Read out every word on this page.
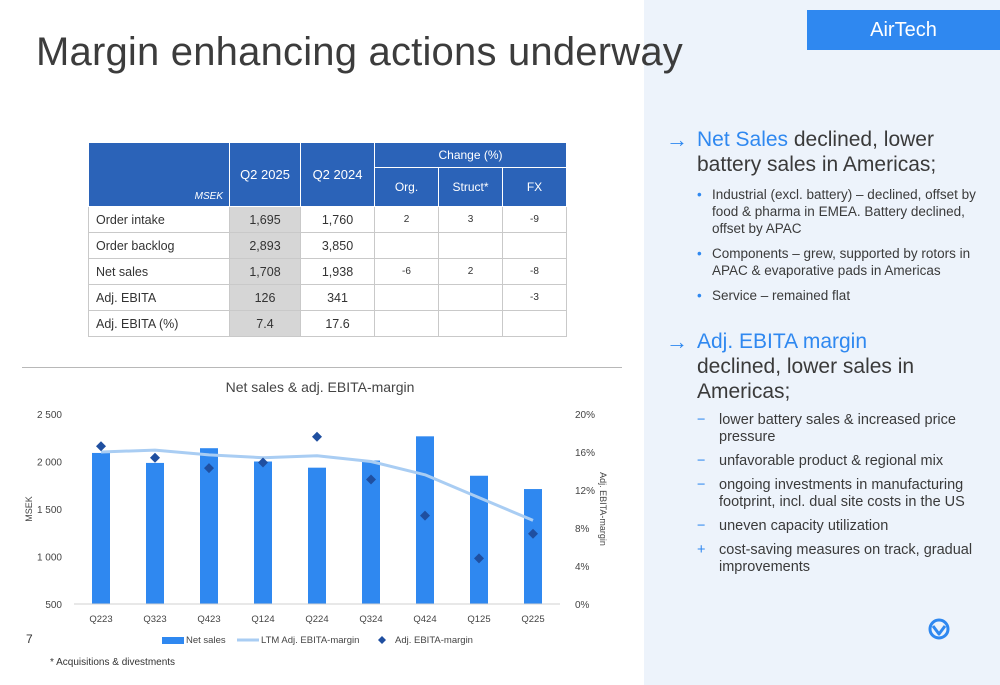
AirTech
Margin enhancing actions underway
MSEK	Q2 2025	Q2 2024	Change (%)		
			Org.	Struct*	FX
Order intake	1,695	1,760	2	3	-9
Order backlog	2,893	3,850			
Net sales	1,708	1,938	-6	2	-8
Adj. EBITA	126	341			-3
Adj. EBITA (%)	7.4	17.6			
Net sales & adj. EBITA-margin
500
1 000
1 500
2 000
2 500
0%
4%
8%
12%
16%
20%
MSEK	Adj. EBITA-margin
Q223	Q323	Q423	Q124	Q224	Q324	Q424	Q125	Q225
Net sales	LTM Adj. EBITA-margin	Adj. EBITA-margin
7
* Acquisitions & divestments
→ Net Sales declined, lower battery sales in Americas;
• Industrial (excl. battery) – declined, offset by food & pharma in EMEA. Battery declined, offset by APAC
• Components – grew, supported by rotors in APAC & evaporative pads in Americas
• Service – remained flat
→ Adj. EBITA margin
declined, lower sales in Americas;
− lower battery sales & increased price pressure
− unfavorable product & regional mix
− ongoing investments in manufacturing footprint, incl. dual site costs in the US
− uneven capacity utilization
+ cost-saving measures on track, gradual improvements
